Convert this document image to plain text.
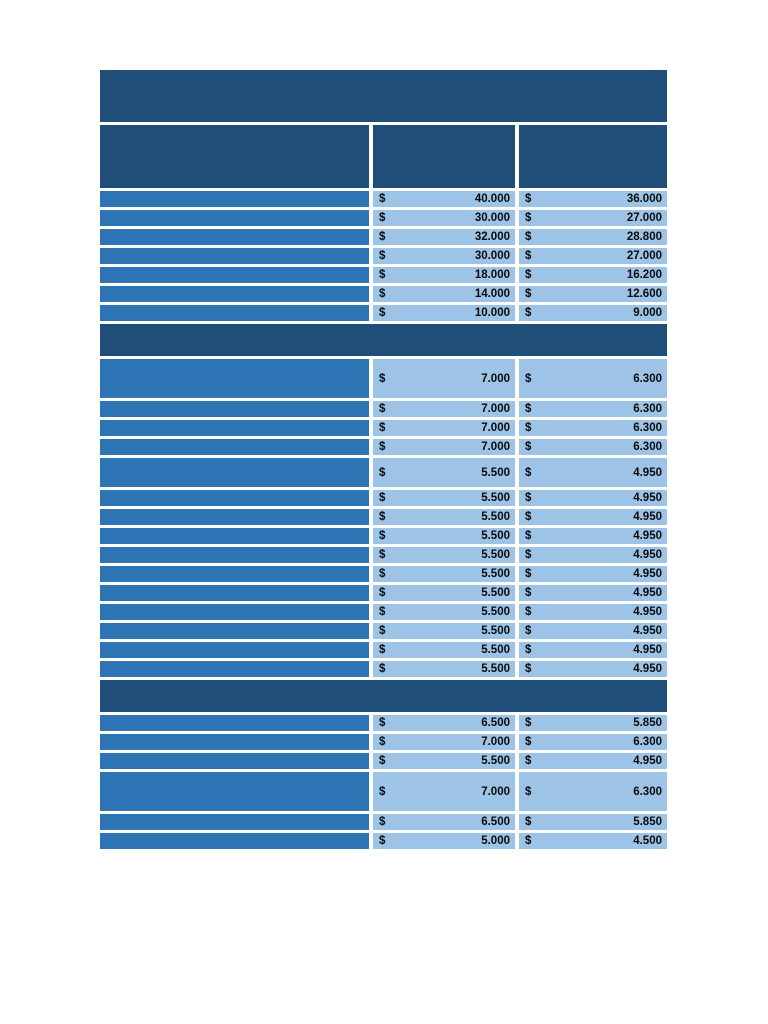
$	40.000 $	36.000
$	30.000 $	27.000
$	32.000 $	28.800
$	30.000 $	27.000
$	18.000 $	16.200
$	14.000 $	12.600
$	10.000 $	9.000
$	7.000 $	6.300
$	7.000 $	6.300
$	7.000 $	6.300
$	7.000 $	6.300
$	5.500 $	4.950
$	5.500 $	4.950
$	5.500 $	4.950
$	5.500 $	4.950
$	5.500 $	4.950
$	5.500 $	4.950
$	5.500 $	4.950
$	5.500 $	4.950
$	5.500 $	4.950
$	5.500 $	4.950
$	5.500 $	4.950
$	6.500 $	5.850
$	7.000 $	6.300
$	5.500 $	4.950
$	7.000 $	6.300
$	6.500 $	5.850
$	5.000 $	4.500
